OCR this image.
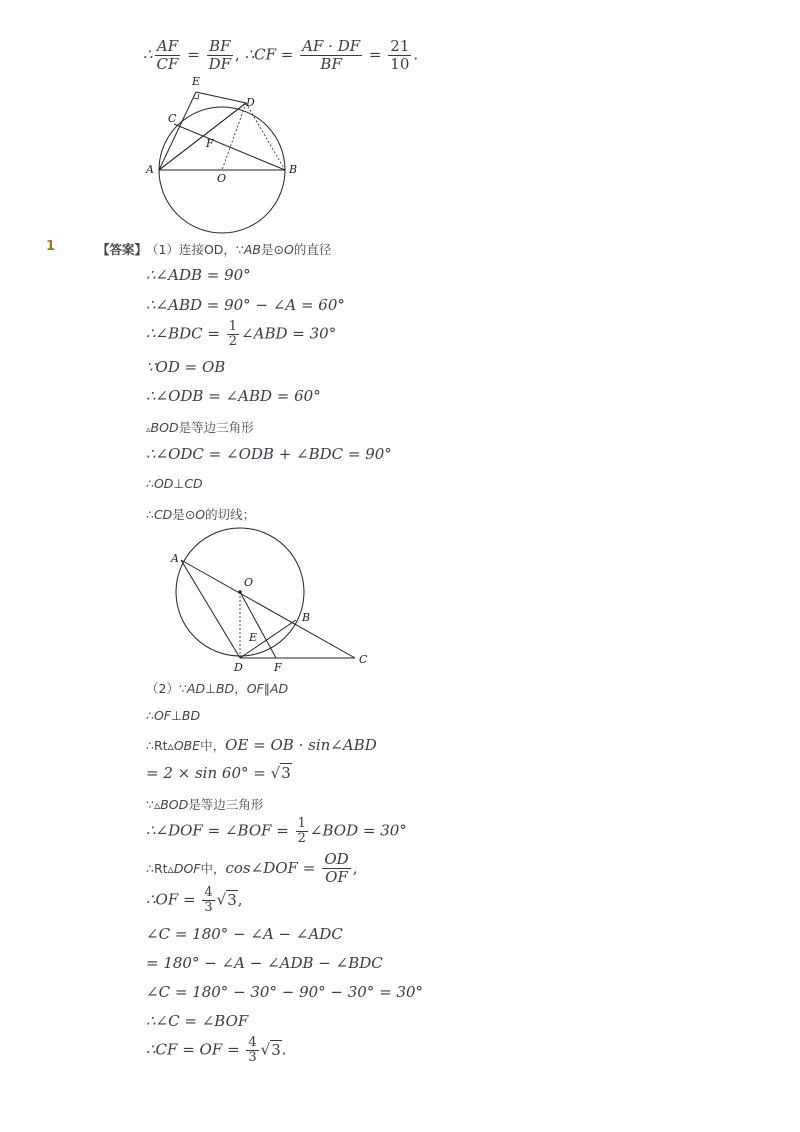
∴ $\frac{AF}{CF} = \frac{BF}{DF}$ , ∴CF = $\frac{AF \cdot DF}{BF} = \frac{21}{10}$ .
E
C
D
F
A
O
B
1	【答案】
（1）连接OD，∵AB是⊙O的直径
∴∠ADB = 90°
∴∠ABD = 90° − ∠A = 60°
∴∠BDC = $\frac{1}{2}$ ∠ABD = 30°
∵OD = OB
∴∠ODB = ∠ABD = 60°
▵BOD是等边三角形
∴∠ODC = ∠ODB + ∠BDC = 90°
∴OD⊥CD
∴CD是⊙O的切线；
A
O
B
E
D	F
C
（2）∵AD⊥BD，OF∥AD
∴OF⊥BD
∴Rt▵OBE中，OE = OB · sin∠ABD
= 2 × sin 60° = √3
∵▵BOD是等边三角形
∴∠DOF = ∠BOF = $\frac{1}{2}$ ∠BOD = 30°
∴Rt▵DOF中，cos∠DOF = $\frac{OD}{OF}$ ,
∴OF = $\frac{4}{3} √3$,
∠C = 180° − ∠A − ∠ADC
= 180° − ∠A − ∠ADB − ∠BDC
∠C = 180° − 30° − 90° − 30° = 30°
∴∠C = ∠BOF
∴CF = OF = $\frac{4}{3} √3$.
